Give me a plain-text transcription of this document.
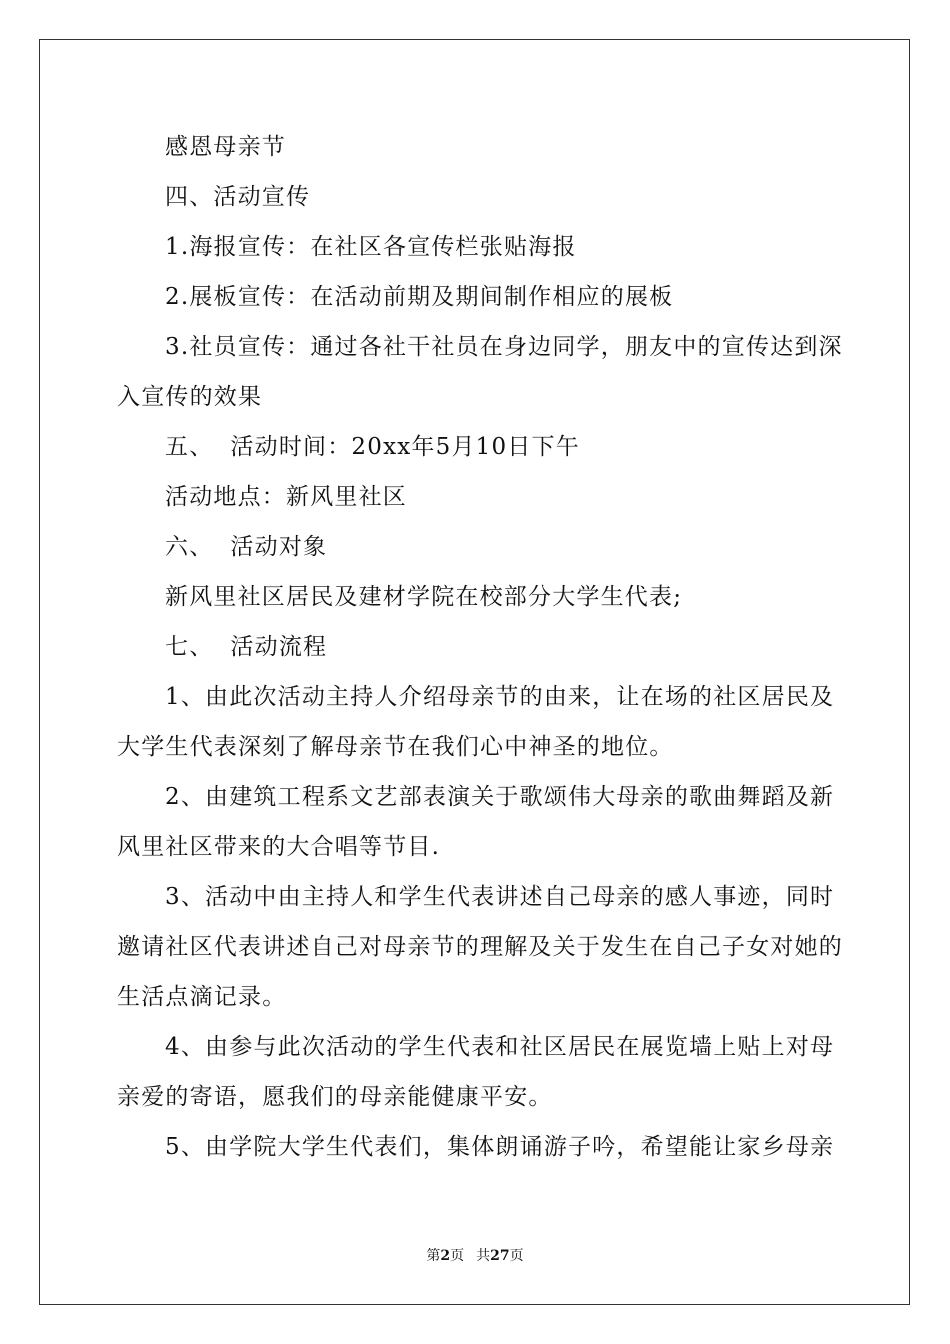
感恩母亲节
四、活动宣传
1.海报宣传：在社区各宣传栏张贴海报
2.展板宣传：在活动前期及期间制作相应的展板
3.社员宣传：通过各社干社员在身边同学，朋友中的宣传达到深
入宣传的效果
五、  活动时间：20xx年5月10日下午
活动地点：新风里社区
六、  活动对象
新风里社区居民及建材学院在校部分大学生代表;
七、  活动流程
1、由此次活动主持人介绍母亲节的由来，让在场的社区居民及
大学生代表深刻了解母亲节在我们心中神圣的地位。
2、由建筑工程系文艺部表演关于歌颂伟大母亲的歌曲舞蹈及新
风里社区带来的大合唱等节目.
3、活动中由主持人和学生代表讲述自己母亲的感人事迹，同时
邀请社区代表讲述自己对母亲节的理解及关于发生在自己子女对她的
生活点滴记录。
4、由参与此次活动的学生代表和社区居民在展览墙上贴上对母
亲爱的寄语，愿我们的母亲能健康平安。
5、由学院大学生代表们，集体朗诵游子吟，希望能让家乡母亲
第2页 共27页
